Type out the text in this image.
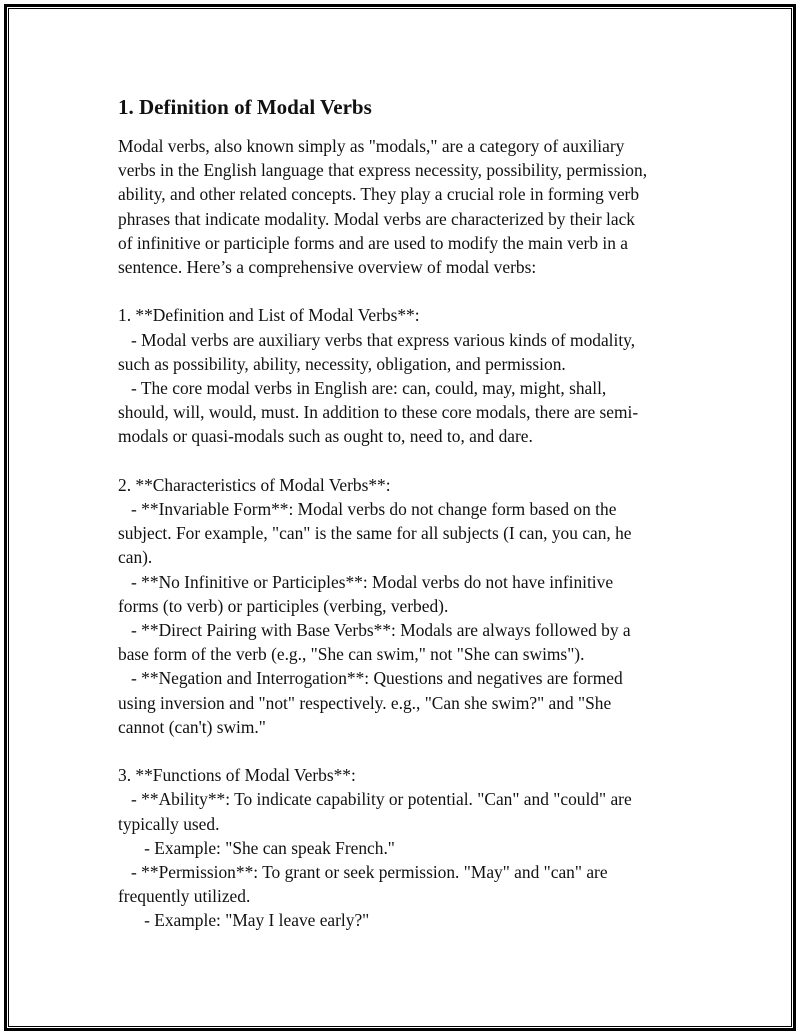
1. Definition of Modal Verbs
Modal verbs, also known simply as "modals," are a category of auxiliary
verbs in the English language that express necessity, possibility, permission,
ability, and other related concepts. They play a crucial role in forming verb
phrases that indicate modality. Modal verbs are characterized by their lack
of infinitive or participle forms and are used to modify the main verb in a
sentence. Here’s a comprehensive overview of modal verbs:
1. **Definition and List of Modal Verbs**:
- Modal verbs are auxiliary verbs that express various kinds of modality,
such as possibility, ability, necessity, obligation, and permission.
- The core modal verbs in English are: can, could, may, might, shall,
should, will, would, must. In addition to these core modals, there are semi-
modals or quasi-modals such as ought to, need to, and dare.
2. **Characteristics of Modal Verbs**:
- **Invariable Form**: Modal verbs do not change form based on the
subject. For example, "can" is the same for all subjects (I can, you can, he
can).
- **No Infinitive or Participles**: Modal verbs do not have infinitive
forms (to verb) or participles (verbing, verbed).
- **Direct Pairing with Base Verbs**: Modals are always followed by a
base form of the verb (e.g., "She can swim," not "She can swims").
- **Negation and Interrogation**: Questions and negatives are formed
using inversion and "not" respectively. e.g., "Can she swim?" and "She
cannot (can't) swim."
3. **Functions of Modal Verbs**:
- **Ability**: To indicate capability or potential. "Can" and "could" are
typically used.
- Example: "She can speak French."
- **Permission**: To grant or seek permission. "May" and "can" are
frequently utilized.
- Example: "May I leave early?"
